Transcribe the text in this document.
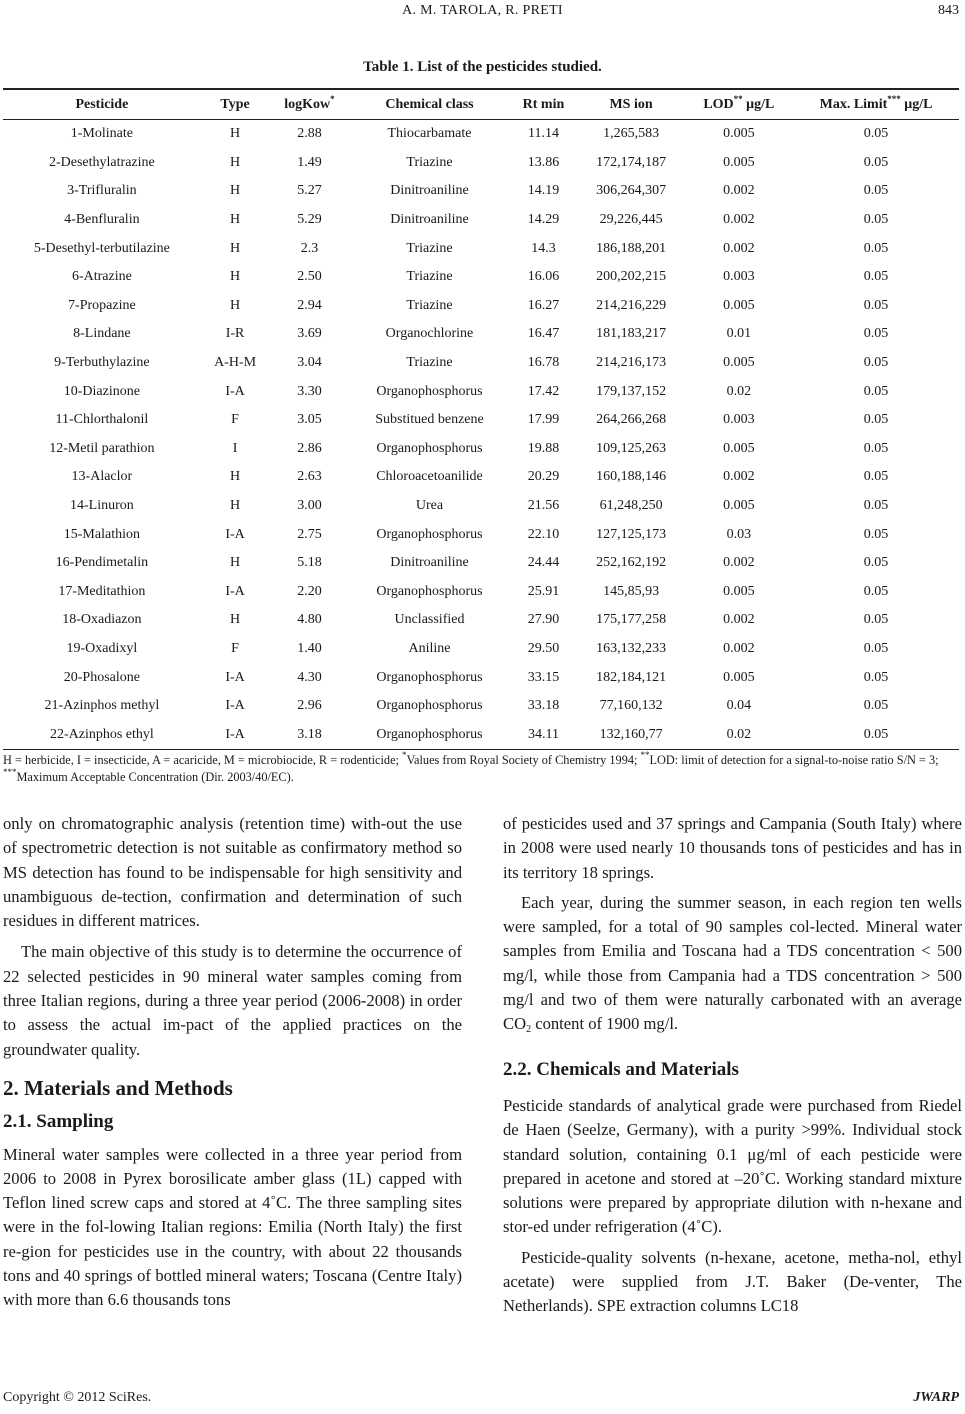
A. M. TAROLA, R. PRETI	843
Table 1. List of the pesticides studied.
Pesticide	Type	logKow*	Chemical class	Rt min	MS ion	LOD** μg/L	Max. Limit*** μg/L
1-Molinate	H	2.88	Thiocarbamate	11.14	1,265,583	0.005	0.05
2-Desethylatrazine	H	1.49	Triazine	13.86	172,174,187	0.005	0.05
3-Trifluralin	H	5.27	Dinitroaniline	14.19	306,264,307	0.002	0.05
4-Benfluralin	H	5.29	Dinitroaniline	14.29	29,226,445	0.002	0.05
5-Desethyl-terbutilazine	H	2.3	Triazine	14.3	186,188,201	0.002	0.05
6-Atrazine	H	2.50	Triazine	16.06	200,202,215	0.003	0.05
7-Propazine	H	2.94	Triazine	16.27	214,216,229	0.005	0.05
8-Lindane	I-R	3.69	Organochlorine	16.47	181,183,217	0.01	0.05
9-Terbuthylazine	A-H-M	3.04	Triazine	16.78	214,216,173	0.005	0.05
10-Diazinone	I-A	3.30	Organophosphorus	17.42	179,137,152	0.02	0.05
11-Chlorthalonil	F	3.05	Substitued benzene	17.99	264,266,268	0.003	0.05
12-Metil parathion	I	2.86	Organophosphorus	19.88	109,125,263	0.005	0.05
13-Alaclor	H	2.63	Chloroacetoanilide	20.29	160,188,146	0.002	0.05
14-Linuron	H	3.00	Urea	21.56	61,248,250	0.005	0.05
15-Malathion	I-A	2.75	Organophosphorus	22.10	127,125,173	0.03	0.05
16-Pendimetalin	H	5.18	Dinitroaniline	24.44	252,162,192	0.002	0.05
17-Meditathion	I-A	2.20	Organophosphorus	25.91	145,85,93	0.005	0.05
18-Oxadiazon	H	4.80	Unclassified	27.90	175,177,258	0.002	0.05
19-Oxadixyl	F	1.40	Aniline	29.50	163,132,233	0.002	0.05
20-Phosalone	I-A	4.30	Organophosphorus	33.15	182,184,121	0.005	0.05
21-Azinphos methyl	I-A	2.96	Organophosphorus	33.18	77,160,132	0.04	0.05
22-Azinphos ethyl	I-A	3.18	Organophosphorus	34.11	132,160,77	0.02	0.05
H = herbicide, I = insecticide, A = acaricide, M = microbiocide, R = rodenticide; *Values from Royal Society of Chemistry 1994; **LOD: limit of detection for a signal-to-noise ratio S/N = 3; ***Maximum Acceptable Concentration (Dir. 2003/40/EC).

only on chromatographic analysis (retention time) with-out the use of spectrometric detection is not suitable as confirmatory method so MS detection has found to be indispensable for high sensitivity and unambiguous de-tection, confirmation and determination of such residues in different matrices.

The main objective of this study is to determine the occurrence of 22 selected pesticides in 90 mineral water samples coming from three Italian regions, during a three year period (2006-2008) in order to assess the actual im-pact of the applied practices on the groundwater quality.

2. Materials and Methods
2.1. Sampling

Mineral water samples were collected in a three year period from 2006 to 2008 in Pyrex borosilicate amber glass (1L) capped with Teflon lined screw caps and stored at 4˚C. The three sampling sites were in the fol-lowing Italian regions: Emilia (North Italy) the first re-gion for pesticides use in the country, with about 22 thousands tons and 40 springs of bottled mineral waters; Toscana (Centre Italy) with more than 6.6 thousands tons

of pesticides used and 37 springs and Campania (South Italy) where in 2008 were used nearly 10 thousands tons of pesticides and has in its territory 18 springs.

Each year, during the summer season, in each region ten wells were sampled, for a total of 90 samples col-lected. Mineral water samples from Emilia and Toscana had a TDS concentration < 500 mg/l, while those from Campania had a TDS concentration > 500 mg/l and two of them were naturally carbonated with an average $CO_2$ content of 1900 mg/l.

2.2. Chemicals and Materials

Pesticide standards of analytical grade were purchased from Riedel de Haen (Seelze, Germany), with a purity >99%. Individual stock standard solution, containing 0.1 μg/ml of each pesticide were prepared in acetone and stored at –20˚C. Working standard mixture solutions were prepared by appropriate dilution with n-hexane and stor-ed under refrigeration (4˚C).

Pesticide-quality solvents (n-hexane, acetone, metha-nol, ethyl acetate) were supplied from J.T. Baker (De-venter, The Netherlands). SPE extraction columns LC18

Copyright © 2012 SciRes.	JWARP
